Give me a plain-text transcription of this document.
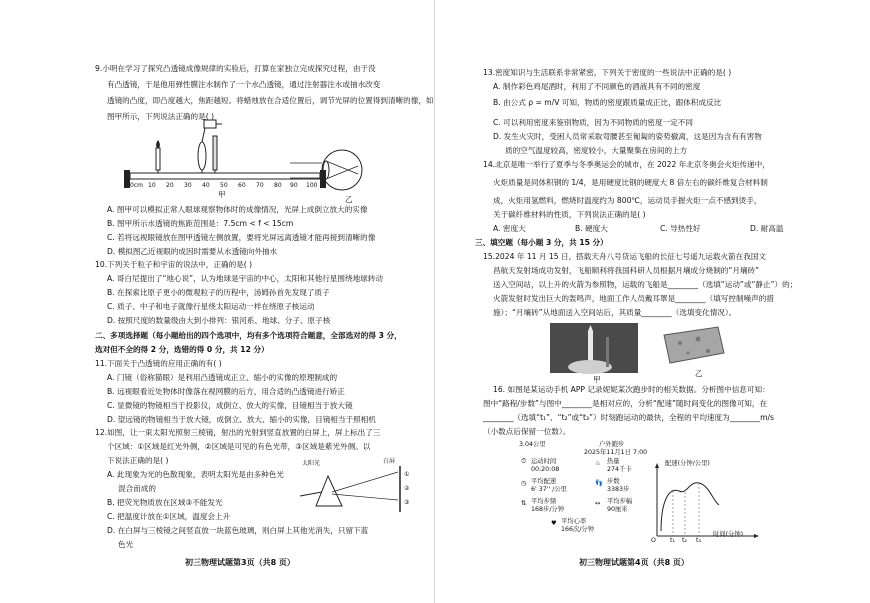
9.小明在学习了探究凸透镜成像规律的实验后，打算在家独立完成探究过程，由于没
有凸透镜，于是他用弹性膜注水制作了一个水凸透镜，通过注射器注水或抽水改变
透镜的凸度，即凸度越大，焦距越短。将蜡烛放在合适位置后，调节光屏的位置得到清晰的像，如
图甲所示，下列说法正确的是( )
0cm 10 20 30 40 50 60 70 80 90 100
甲
乙
A. 图甲可以模拟正常人眼球观察物体时的成像情况，光屏上成倒立放大的实像
B. 图甲所示水透镜的焦距范围是：7.5cm < f < 15cm
C. 若将远视眼镜放在图甲透镜左侧放置，要将光屏远离透镜才能再接到清晰的像
D. 模拟图乙近视眼的成因时需要从水透镜向外抽水
10.下列关于粒子和宇宙的说法中，正确的是( )
A. 哥白尼提出了“地心说”，认为地球是宇宙的中心，太阳和其他行星围绕地球转动
B. 在探索比原子更小的微观粒子的历程中，汤姆孙首先发现了质子
C. 质子、中子和电子就像行星绕太阳运动一样在绕原子核运动
D. 按照尺度的数量级由大到小排列：银河系、地球、分子、原子核
二、多项选择题（每小题给出的四个选项中，均有多个选项符合题意，全部选对的得 3 分，
选对但不全的得 2 分，选错的得 0 分，共 12 分）
11.下面关于凸透镜的应用正确的有( )
A. 门镜（俗称猫眼）是利用凸透镜成正立、缩小的实像的原理制成的
B. 远视眼看近处物体时像落在视网膜的后方，用合适的凸透镜进行矫正
C. 显微镜的物镜相当于投影仪，成倒立、放大的实像，目镜相当于放大镜
D. 望远镜的物镜相当于放大镜，成倒立、放大、缩小的实像，目镜相当于照相机
12.如图，让一束太阳光照射三棱镜，射出的光射到竖直放置的白屏上，屏上标出了三
个区域：①区域是红光外侧，②区域是可见的有色光带，③区域是紫光外侧。以
下说法正确的是( )
A. 此现象为光的色散现象，表明太阳光是由多种色光
混合而成的
B. 把荧光物质放在区域③不能发光
C. 把温度计放在①区域，温度会上升
D. 在白屏与三棱镜之间竖直放一块蓝色玻璃，则白屏上其他光消失，只留下蓝
色光
太阳光	白屏
①
②
③
初三物理试题第3页（共8 页）
13.密度知识与生活联系非常紧密，下列关于密度的一些说法中正确的是( )
A. 制作彩色鸡尾酒时，利用了不同颜色的酒液具有不同的密度
B. 由公式 ρ = m/V 可知，物质的密度跟质量成正比，跟体积成反比
C. 可以利用密度来鉴别物质，因为不同物质的密度一定不同
D. 发生火灾时，受困人员常采取弯腰甚至匍匐的姿势撤离，这是因为含有有害物
质的空气温度较高，密度较小，大量聚集在房间的上方
14.北京是唯一举行了夏季与冬季奥运会的城市，在 2022 年北京冬奥会火炬传递中，
火炬质量是同体积钢的 1/4，是用硬度比钢的硬度大 8 倍左右的碳纤维复合材料制
成，火炬用氢燃料，燃烧时温度约为 800℃，运动员手握火炬一点不感到烫手，
关于碳纤维材料的性质，下列说法正确的是( )
A. 密度大	B. 硬度大	C. 导热性好	D. 耐高温
三、填空题（每小题 3 分，共 15 分）
15.2024 年 11 月 15 日，搭载天舟八号货运飞船的长征七号遥九运载火箭在我国文
昌航天发射场成功发射，飞船顺利将我国科研人员根据月壤成分烧制的“月壤砖”
送入空间站，以上升的火箭为参照物，运载的飞船是________（选填“运动”或“静止”）的；
火箭发射时发出巨大的轰鸣声，地面工作人员戴耳罩是________（填写控制噪声的措
施）；“月壤砖”从地面送入空间站后，其质量________（选填变化情况）。
甲
乙
16. 如图是某运动手机 APP 记录妮妮某次跑步时的相关数据。分析图中信息可知：
图中“路程/步数”与图中________是相对应的，分析“配速”随时间变化的图像可知，在
________（选填“t₁”、“t₂”或“t₃”）时刻跑运动的最快，全程的平均速度为________m/s
（小数点后保留一位数）。
3.04公里	户外跑步
2025年11月1日 7:00
⏱ 运动时间
00:20:08
♨ 热量
274千卡
◷ 平均配速
6' 37'' /公里
👣 步数
3383步
⇅ 平均步频
168步/分钟
↔ 平均步幅
90厘米
♥ 平均心率
166次/分钟
配速(分钟/公里)
时间(分钟)
O t₁ t₂ t₃
初三物理试题第4页（共8 页）
